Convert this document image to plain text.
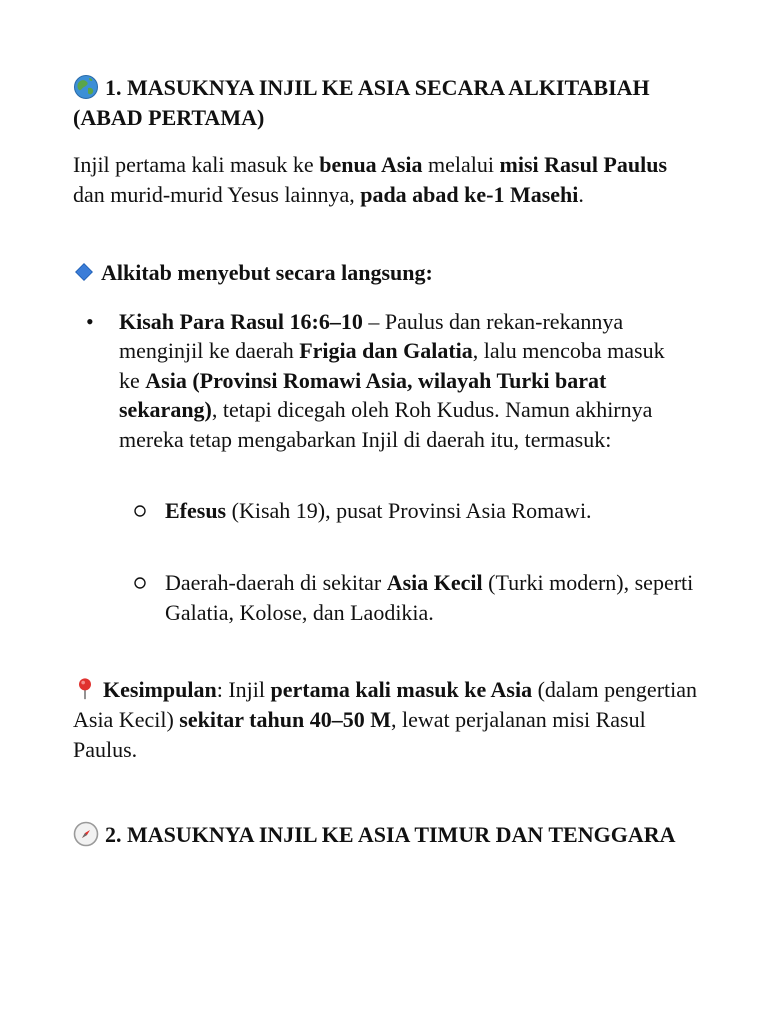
1. MASUKNYA INJIL KE ASIA SECARA ALKITABIAH (ABAD PERTAMA)

Injil pertama kali masuk ke benua Asia melalui misi Rasul Paulus dan murid-murid Yesus lainnya, pada abad ke-1 Masehi.

Alkitab menyebut secara langsung:

• Kisah Para Rasul 16:6–10 – Paulus dan rekan-rekannya menginjil ke daerah Frigia dan Galatia, lalu mencoba masuk ke Asia (Provinsi Romawi Asia, wilayah Turki barat sekarang), tetapi dicegah oleh Roh Kudus. Namun akhirnya mereka tetap mengabarkan Injil di daerah itu, termasuk:

Efesus (Kisah 19), pusat Provinsi Asia Romawi.

Daerah-daerah di sekitar Asia Kecil (Turki modern), seperti Galatia, Kolose, dan Laodikia.

Kesimpulan: Injil pertama kali masuk ke Asia (dalam pengertian Asia Kecil) sekitar tahun 40–50 M, lewat perjalanan misi Rasul Paulus.

2. MASUKNYA INJIL KE ASIA TIMUR DAN TENGGARA
